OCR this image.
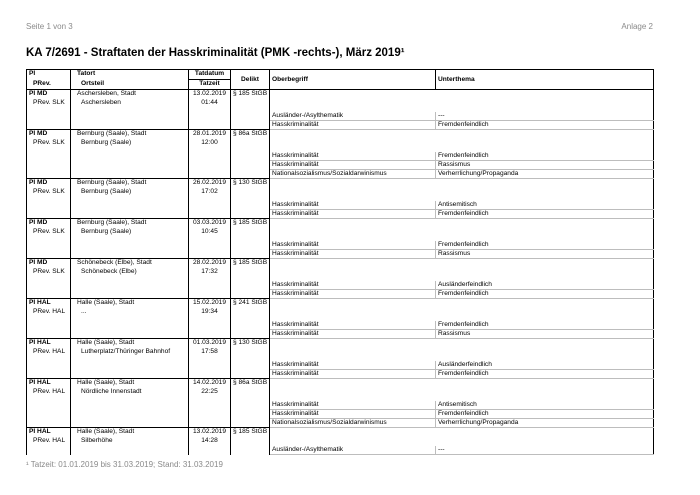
Seite 1 von 3	Anlage 2
KA 7/2691 - Straftaten der Hasskriminalität (PMK -rechts-), März 2019¹
PI	Tatort	Tatdatum	Delikt	Oberbegriff	Unterthema
PRev.	Ortsteil	Tatzeit			
PI MD	Aschersleben, Stadt	13.02.2019	§ 185 StGB		
PRev. SLK	Aschersleben	01:44			

				Ausländer-/Asylthematik	---
				Hasskriminalität	Fremdenfeindlich
PI MD	Bernburg (Saale), Stadt	28.01.2019	§ 86a StGB		
PRev. SLK	Bernburg (Saale)	12:00			

				Hasskriminalität	Fremdenfeindlich
				Hasskriminalität	Rassismus
				Nationalsozialismus/Sozialdarwinismus	Verherrlichung/Propaganda
PI MD	Bernburg (Saale), Stadt	26.02.2019	§ 130 StGB		
PRev. SLK	Bernburg (Saale)	17:02			

				Hasskriminalität	Antisemitisch
				Hasskriminalität	Fremdenfeindlich
PI MD	Bernburg (Saale), Stadt	03.03.2019	§ 185 StGB		
PRev. SLK	Bernburg (Saale)	10:45			

				Hasskriminalität	Fremdenfeindlich
				Hasskriminalität	Rassismus
PI MD	Schönebeck (Elbe), Stadt	28.02.2019	§ 185 StGB		
PRev. SLK	Schönebeck (Elbe)	17:32			

				Hasskriminalität	Ausländerfeindlich
				Hasskriminalität	Fremdenfeindlich
PI HAL	Halle (Saale), Stadt	15.02.2019	§ 241 StGB		
PRev. HAL	...	19:34			

				Hasskriminalität	Fremdenfeindlich
				Hasskriminalität	Rassismus
PI HAL	Halle (Saale), Stadt	01.03.2019	§ 130 StGB		
PRev. HAL	Lutherplatz/Thüringer Bahnhof	17:58			

				Hasskriminalität	Ausländerfeindlich
				Hasskriminalität	Fremdenfeindlich
PI HAL	Halle (Saale), Stadt	14.02.2019	§ 86a StGB		
PRev. HAL	Nördliche Innenstadt	22:25			

				Hasskriminalität	Antisemitisch
				Hasskriminalität	Fremdenfeindlich
				Nationalsozialismus/Sozialdarwinismus	Verherrlichung/Propaganda
PI HAL	Halle (Saale), Stadt	13.02.2019	§ 185 StGB		
PRev. HAL	Silberhöhe	14:28			
				Ausländer-/Asylthematik	---
¹ Tatzeit: 01.01.2019 bis 31.03.2019; Stand: 31.03.2019
